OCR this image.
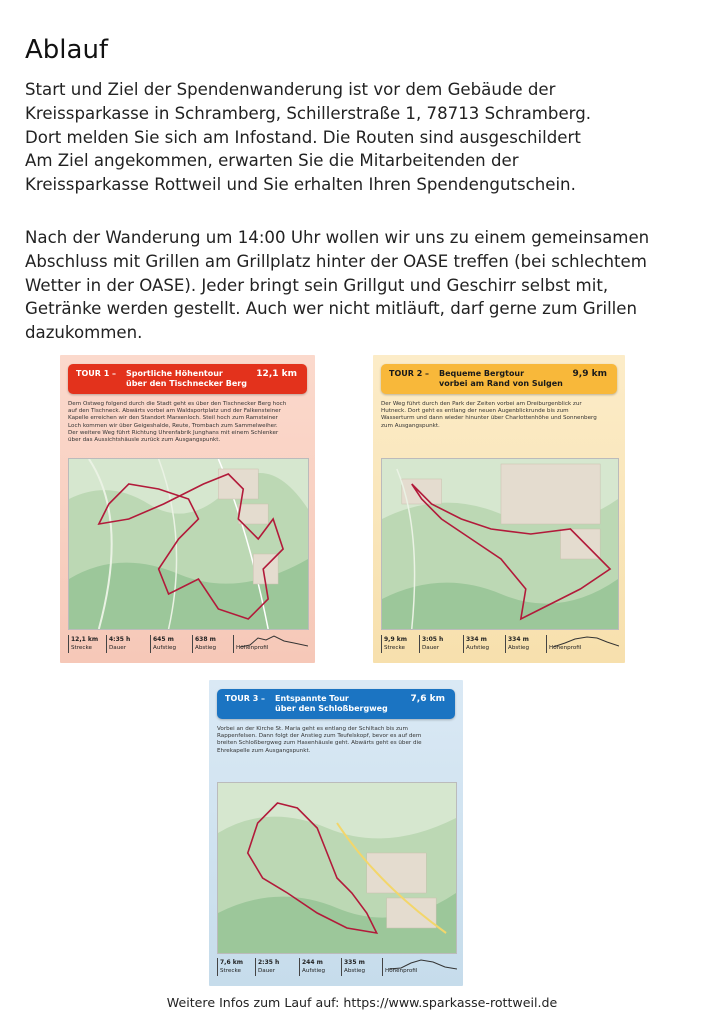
Ablauf

Start und Ziel der Spendenwanderung ist vor dem Gebäude der
Kreissparkasse in Schramberg, Schillerstraße 1, 78713 Schramberg.
Dort melden Sie sich am Infostand. Die Routen sind ausgeschildert
Am Ziel angekommen, erwarten Sie die Mitarbeitenden der
Kreissparkasse Rottweil und Sie erhalten Ihren Spendengutschein.

Nach der Wanderung um 14:00 Uhr wollen wir uns zu einem gemeinsamen
Abschluss mit Grillen am Grillplatz hinter der OASE treffen (bei schlechtem
Wetter in der OASE). Jeder bringt sein Grillgut und Geschirr selbst mit,
Getränke werden gestellt. Auch wer nicht mitläuft, darf gerne zum Grillen
dazukommen.

TOUR 1 – Sportliche Höhentour
über den Tischnecker Berg
12,1 km
Dem Ostweg folgend durch die Stadt geht es über den Tischnecker Berg hoch
auf den Tischneck. Abwärts vorbei am Waldsportplatz und der Falkensteiner
Kapelle erreichen wir den Standort Marxenloch. Steil hoch zum Ramsteiner
Loch kommen wir über Geigeshalde, Reute, Trombach zum Sammelweiher.
Der weitere Weg führt Richtung Uhrenfabrik Junghans mit einem Schlenker
über das Aussichtshäusle zurück zum Ausgangspunkt.
12,1 km
Strecke
4:35 h
Dauer
645 m
Aufstieg
638 m
Abstieg
	Höhenprofil
TOUR 2 – Bequeme Bergtour
vorbei am Rand von Sulgen
9,9 km
Der Weg führt durch den Park der Zeiten vorbei am Dreiburgenblick zur
Hutneck. Dort geht es entlang der neuen Augenblickrunde bis zum
Wasserturm und dann wieder hinunter über Charlottenhöhe und Sonnenberg
zum Ausgangspunkt.
9,9 km
Strecke
3:05 h
Dauer
334 m
Aufstieg
334 m
Abstieg
	Höhenprofil
TOUR 3 – Entspannte Tour
über den Schloßbergweg
7,6 km
Vorbei an der Kirche St. Maria geht es entlang der Schiltach bis zum
Rappenfelsen. Dann folgt der Anstieg zum Teufelskopf, bevor es auf dem
breiten Schloßbergweg zum Hasenhäusle geht. Abwärts geht es über die
Ehrekapelle zum Ausgangspunkt.
7,6 km
Strecke
2:35 h
Dauer
244 m
Aufstieg
335 m
Abstieg
	Höhenprofil
Weitere Infos zum Lauf auf: https://www.sparkasse-rottweil.de
